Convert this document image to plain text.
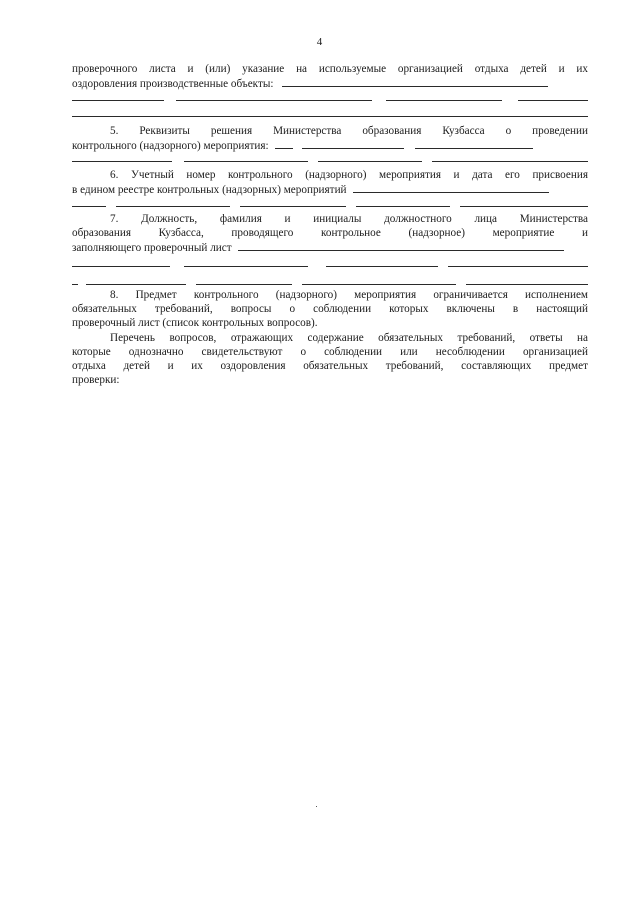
4
проверочного листа и (или) указание на используемые организацией отдыха детей и их
оздоровления производственные объекты:
5. Реквизиты решения Министерства образования Кузбасса о проведении
контрольного (надзорного) мероприятия:
6. Учетный номер контрольного (надзорного) мероприятия и дата его присвоения
в едином реестре контрольных (надзорных) мероприятий
7. Должность, фамилия и инициалы должностного лица Министерства
образования Кузбасса, проводящего контрольное (надзорное) мероприятие и
заполняющего проверочный лист
8. Предмет контрольного (надзорного) мероприятия ограничивается исполнением
обязательных требований, вопросы о соблюдении которых включены в настоящий
проверочный лист (список контрольных вопросов).
Перечень вопросов, отражающих содержание обязательных требований, ответы на
которые однозначно свидетельствуют о соблюдении или несоблюдении организацией
отдыха детей и их оздоровления обязательных требований, составляющих предмет
проверки:
